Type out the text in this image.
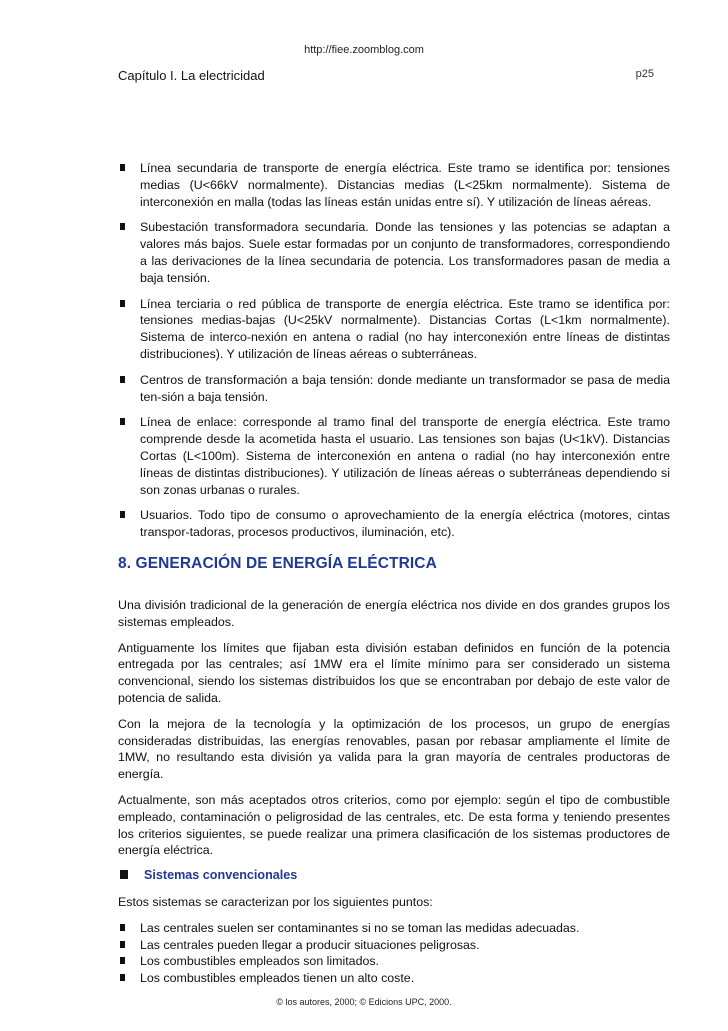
http://fiee.zoomblog.com
Capítulo I. La electricidad	p25
Línea secundaria de transporte de energía eléctrica. Este tramo se identifica por: tensiones medias (U<66kV normalmente). Distancias medias (L<25km normalmente). Sistema de interconexión en malla (todas las líneas están unidas entre sí). Y utilización de líneas aéreas.
Subestación transformadora secundaria. Donde las tensiones y las potencias se adaptan a valores más bajos. Suele estar formadas por un conjunto de transformadores, correspondiendo a las derivaciones de la línea secundaria de potencia. Los transformadores pasan de media a baja tensión.
Línea terciaria o red pública de transporte de energía eléctrica. Este tramo se identifica por: tensiones medias-bajas (U<25kV normalmente). Distancias Cortas (L<1km normalmente). Sistema de interco-nexión en antena o radial (no hay interconexión entre líneas de distintas distribuciones). Y utilización de líneas aéreas o subterráneas.
Centros de transformación a baja tensión: donde mediante un transformador se pasa de media ten-sión a baja tensión.
Línea de enlace: corresponde al tramo final del transporte de energía eléctrica. Este tramo comprende desde la acometida hasta el usuario. Las tensiones son bajas (U<1kV). Distancias Cortas (L<100m). Sistema de interconexión en antena o radial (no hay interconexión entre líneas de distintas distribuciones). Y utilización de líneas aéreas o subterráneas dependiendo si son zonas urbanas o rurales.
Usuarios. Todo tipo de consumo o aprovechamiento de la energía eléctrica (motores, cintas transpor-tadoras, procesos productivos, iluminación, etc).
8. GENERACIÓN DE ENERGÍA ELÉCTRICA

Una división tradicional de la generación de energía eléctrica nos divide en dos grandes grupos los sistemas empleados.

Antiguamente los límites que fijaban esta división estaban definidos en función de la potencia entregada por las centrales; así 1MW era el límite mínimo para ser considerado un sistema convencional, siendo los sistemas distribuidos los que se encontraban por debajo de este valor de potencia de salida.

Con la mejora de la tecnología y la optimización de los procesos, un grupo de energías consideradas distribuidas, las energías renovables, pasan por rebasar ampliamente el límite de 1MW, no resultando esta división ya valida para la gran mayoría de centrales productoras de energía.

Actualmente, son más aceptados otros criterios, como por ejemplo: según el tipo de combustible empleado, contaminación o peligrosidad de las centrales, etc. De esta forma y teniendo presentes los criterios siguientes, se puede realizar una primera clasificación de los sistemas productores de energía eléctrica.

Sistemas convencionales

Estos sistemas se caracterizan por los siguientes puntos:

Las centrales suelen ser contaminantes si no se toman las medidas adecuadas.
Las centrales pueden llegar a producir situaciones peligrosas.
Los combustibles empleados son limitados.
Los combustibles empleados tienen un alto coste.
© los autores, 2000; © Edicions UPC, 2000.
